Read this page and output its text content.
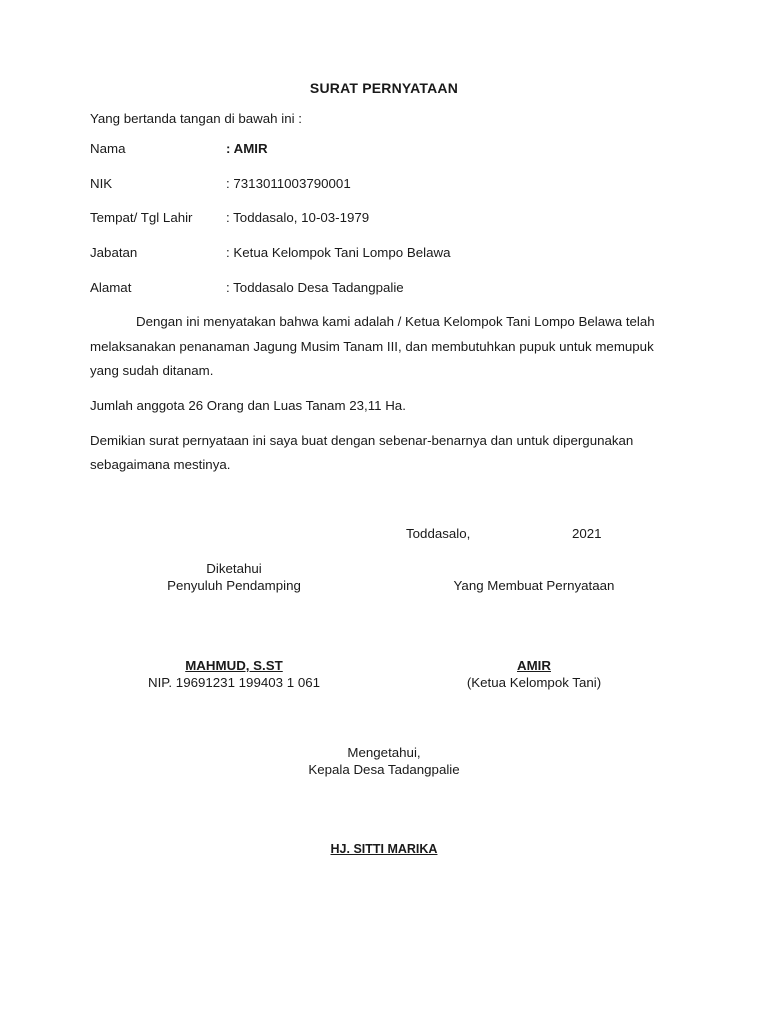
SURAT PERNYATAAN
Yang bertanda tangan di bawah ini :
Nama	: AMIR
NIK	: 7313011003790001
Tempat/ Tgl Lahir	: Toddasalo, 10-03-1979
Jabatan	: Ketua Kelompok Tani Lompo Belawa
Alamat	: Toddasalo Desa Tadangpalie
Dengan ini menyatakan bahwa kami adalah / Ketua Kelompok Tani Lompo Belawa telah
melaksanakan penanaman Jagung Musim Tanam III, dan membutuhkan pupuk untuk memupuk
yang sudah ditanam.
Jumlah anggota 26 Orang dan Luas Tanam 23,11 Ha.
Demikian surat pernyataan ini saya buat dengan sebenar-benarnya dan untuk dipergunakan
sebagaimana mestinya.
Toddasalo,	2021
Diketahui
Penyuluh Pendamping	Yang Membuat Pernyataan
MAHMUD, S.ST
NIP. 19691231 199403 1 061
AMIR
(Ketua Kelompok Tani)
Mengetahui,
Kepala Desa Tadangpalie
HJ. SITTI MARIKA
